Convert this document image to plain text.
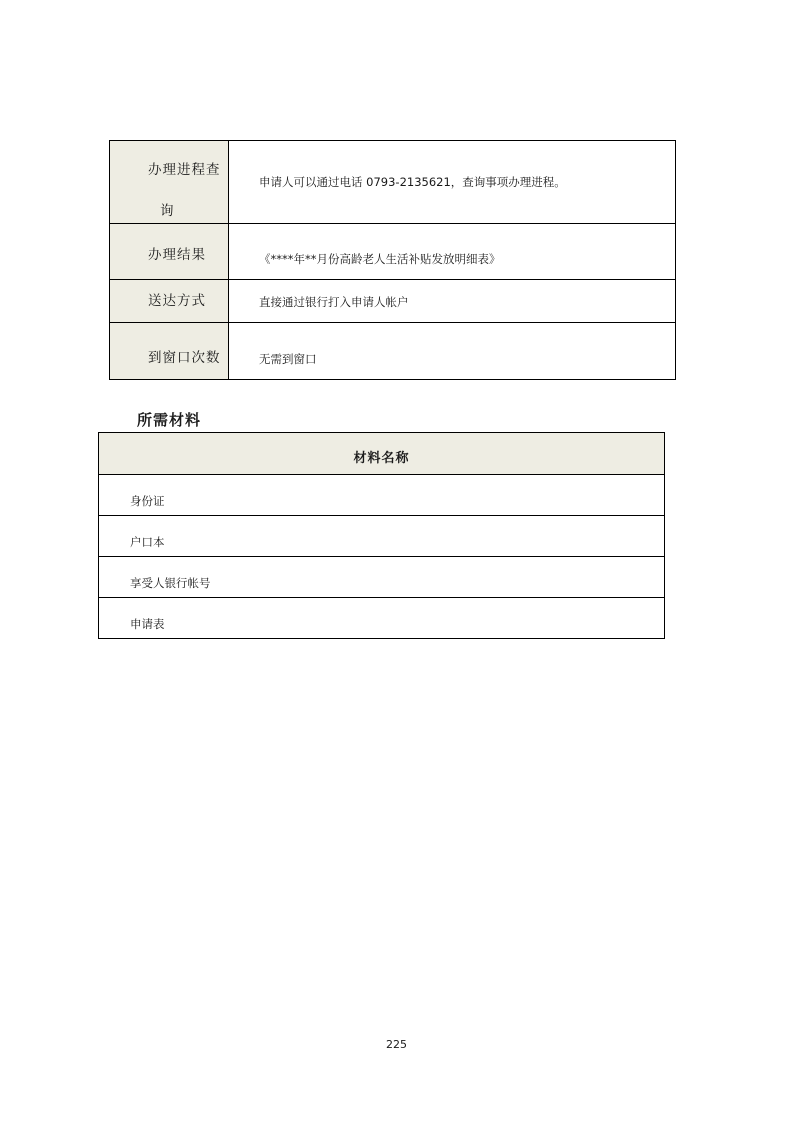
办理进程查
询	申请人可以通过电话 0793-2135621，查询事项办理进程。

办理结果	《****年**月份高龄老人生活补贴发放明细表》

送达方式	直接通过银行打入申请人帐户

到窗口次数	无需到窗口
所需材料
材料名称
身份证
户口本
享受人银行帐号
申请表
225
